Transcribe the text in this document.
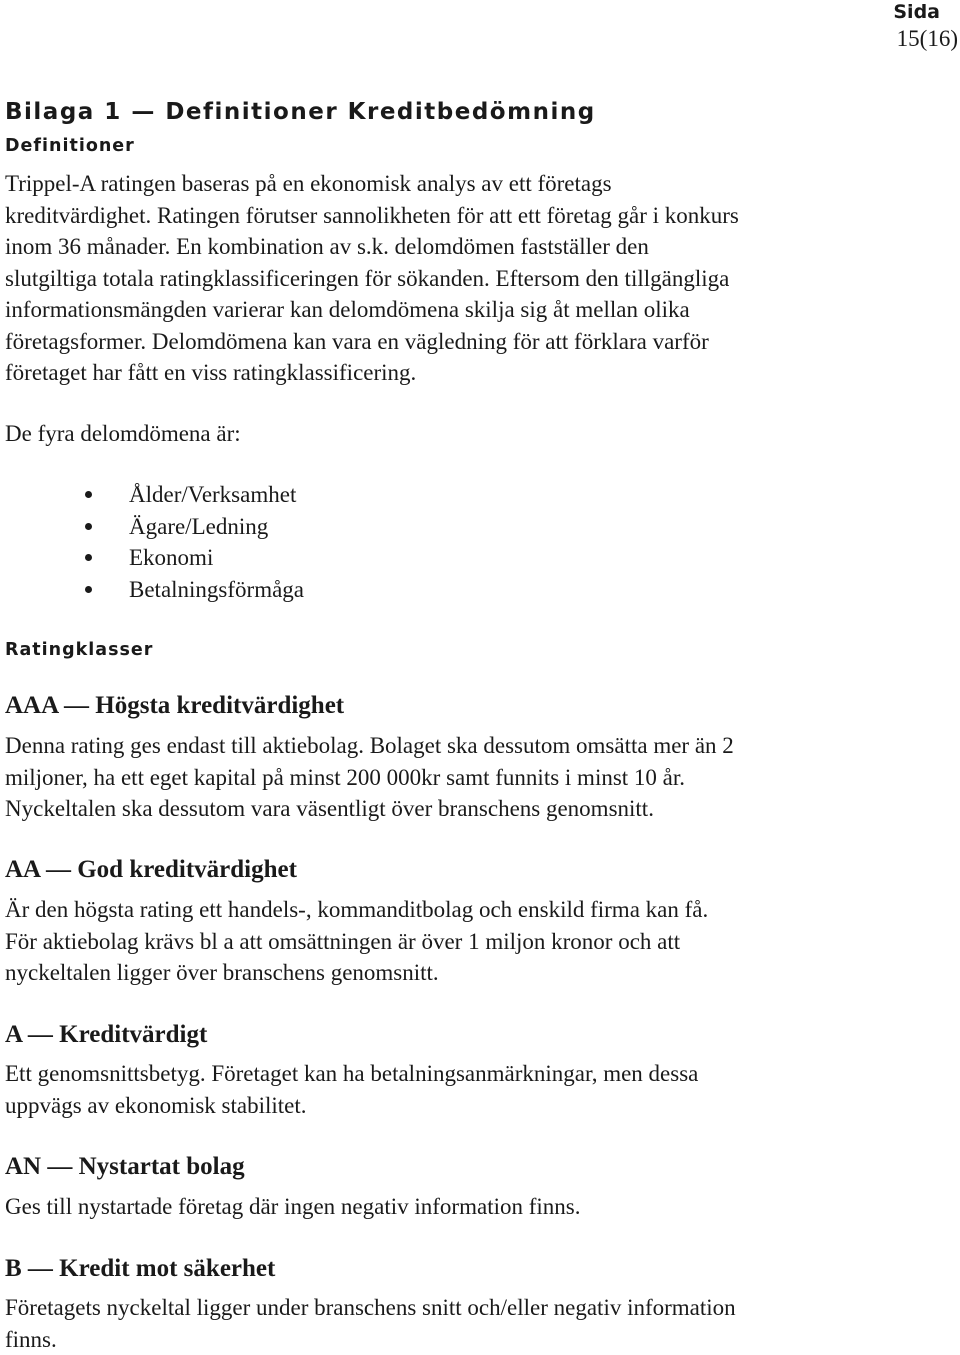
Sida
15(16)
Bilaga 1 — Definitioner Kreditbedömning
Definitioner
Trippel-A ratingen baseras på en ekonomisk analys av ett företags
kreditvärdighet. Ratingen förutser sannolikheten för att ett företag går i konkurs
inom 36 månader. En kombination av s.k. delomdömen fastställer den
slutgiltiga totala ratingklassificeringen för sökanden. Eftersom den tillgängliga
informationsmängden varierar kan delomdömena skilja sig åt mellan olika
företagsformer. Delomdömena kan vara en vägledning för att förklara varför
företaget har fått en viss ratingklassificering.
De fyra delomdömena är:
Ålder/Verksamhet
Ägare/Ledning
Ekonomi
Betalningsförmåga
Ratingklasser
AAA — Högsta kreditvärdighet
Denna rating ges endast till aktiebolag. Bolaget ska dessutom omsätta mer än 2
miljoner, ha ett eget kapital på minst 200 000kr samt funnits i minst 10 år.
Nyckeltalen ska dessutom vara väsentligt över branschens genomsnitt.
AA — God kreditvärdighet
Är den högsta rating ett handels-, kommanditbolag och enskild firma kan få.
För aktiebolag krävs bl a att omsättningen är över 1 miljon kronor och att
nyckeltalen ligger över branschens genomsnitt.
A — Kreditvärdigt
Ett genomsnittsbetyg. Företaget kan ha betalningsanmärkningar, men dessa
uppvägs av ekonomisk stabilitet.
AN — Nystartat bolag
Ges till nystartade företag där ingen negativ information finns.
B — Kredit mot säkerhet
Företagets nyckeltal ligger under branschens snitt och/eller negativ information
finns.
